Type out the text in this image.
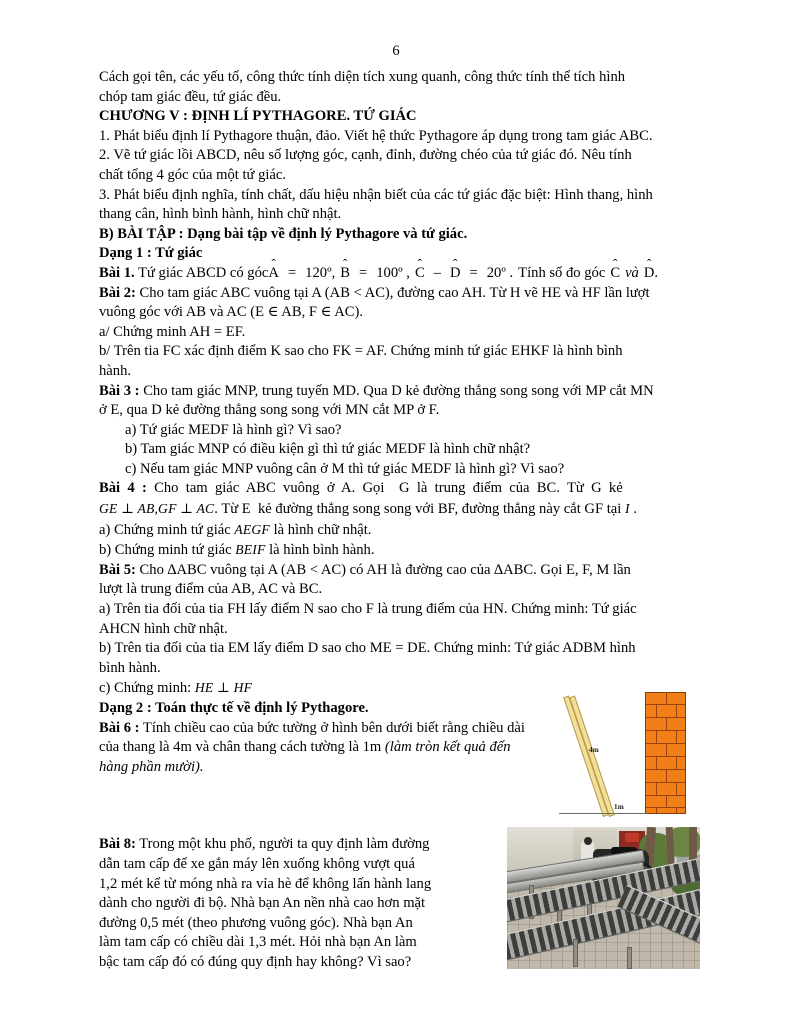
6

Cách gọi tên, các yếu tố, công thức tính diện tích xung quanh, công thức tính thể tích hình

chóp tam giác đều, tứ giác đều.

CHƯƠNG V : ĐỊNH LÍ PYTHAGORE. TỨ GIÁC

1. Phát biểu định lí Pythagore thuận, đảo. Viết hệ thức Pythagore áp dụng trong tam giác ABC.

2. Vẽ tứ giác lồi ABCD, nêu số lượng góc, cạnh, đỉnh, đường chéo của tứ giác đó. Nêu tính

chất tổng 4 góc của một tứ giác.

3. Phát biểu định nghĩa, tính chất, dấu hiệu nhận biết của các tứ giác đặc biệt: Hình thang, hình

thang cân, hình bình hành, hình chữ nhật.

B) BÀI TẬP : Dạng bài tập về định lý Pythagore và tứ giác.

Dạng 1 : Tứ giác

Bài 1. Tứ giác ABCD có góc
A = 120º, B = 100º , C – D = 20º . Tính số đo góc C và D.

Bài 2: Cho tam giác ABC vuông tại A (AB < AC), đường cao AH. Từ H vẽ HE và HF lần lượt

vuông góc với AB và AC (E ∈ AB, F ∈ AC).

a/ Chứng minh AH = EF.

b/ Trên tia FC xác định điểm K sao cho FK = AF. Chứng minh tứ giác EHKF là hình bình

hành.

Bài 3 : Cho tam giác MNP, trung tuyến MD. Qua D kẻ đường thẳng song song với MP cắt MN

ở E, qua D kẻ đường thẳng song song với MN cắt MP ở F.

a) Tứ giác MEDF là hình gì? Vì sao?

b) Tam giác MNP có điều kiện gì thì tứ giác MEDF là hình chữ nhật?

c) Nếu tam giác MNP vuông cân ở M thì tứ giác MEDF là hình gì? Vì sao?

Bài  4  :  Cho  tam  giác  ABC  vuông  ở  A.  Gọi    G  là  trung  điểm  của  BC.  Từ  G  kẻ

GE ⊥ AB,GF ⊥ AC. Từ E  kẻ đường thẳng song song với BF, đường thẳng này cắt GF tại I .

a) Chứng minh tứ giác AEGF là hình chữ nhật.

b) Chứng minh tứ giác BEIF là hình bình hành.

Bài 5: Cho ∆ABC vuông tại A (AB < AC) có AH là đường cao của ∆ABC. Gọi E, F, M lần

lượt là trung điểm của AB, AC và BC.

a) Trên tia đối của tia FH lấy điểm N sao cho F là trung điểm của HN. Chứng minh: Tứ giác

AHCN hình chữ nhật.

b) Trên tia đối của tia EM lấy điểm D sao cho ME = DE. Chứng minh: Tứ giác ADBM hình

bình hành.

c) Chứng minh: HE ⊥ HF

Dạng 2 : Toán thực tế về định lý Pythagore.

Bài 6 : Tính chiều cao của bức tường ở hình bên dưới biết rằng chiều dài

của thang là 4m và chân thang cách tường là 1m (làm tròn kết quả đến

hàng phần mười).

Bài 8: Trong một khu phố, người ta quy định làm đường

dẫn tam cấp để xe gắn máy lên xuống không vượt quá

1,2 mét kể từ móng nhà ra vỉa hè để không lấn hành lang

dành cho người đi bộ. Nhà bạn An nền nhà cao hơn mặt

đường 0,5 mét (theo phương vuông góc). Nhà bạn An

làm tam cấp có chiều dài 1,3 mét. Hỏi nhà bạn An làm

bậc tam cấp đó có đúng quy định hay không? Vì sao?

4m
1m
